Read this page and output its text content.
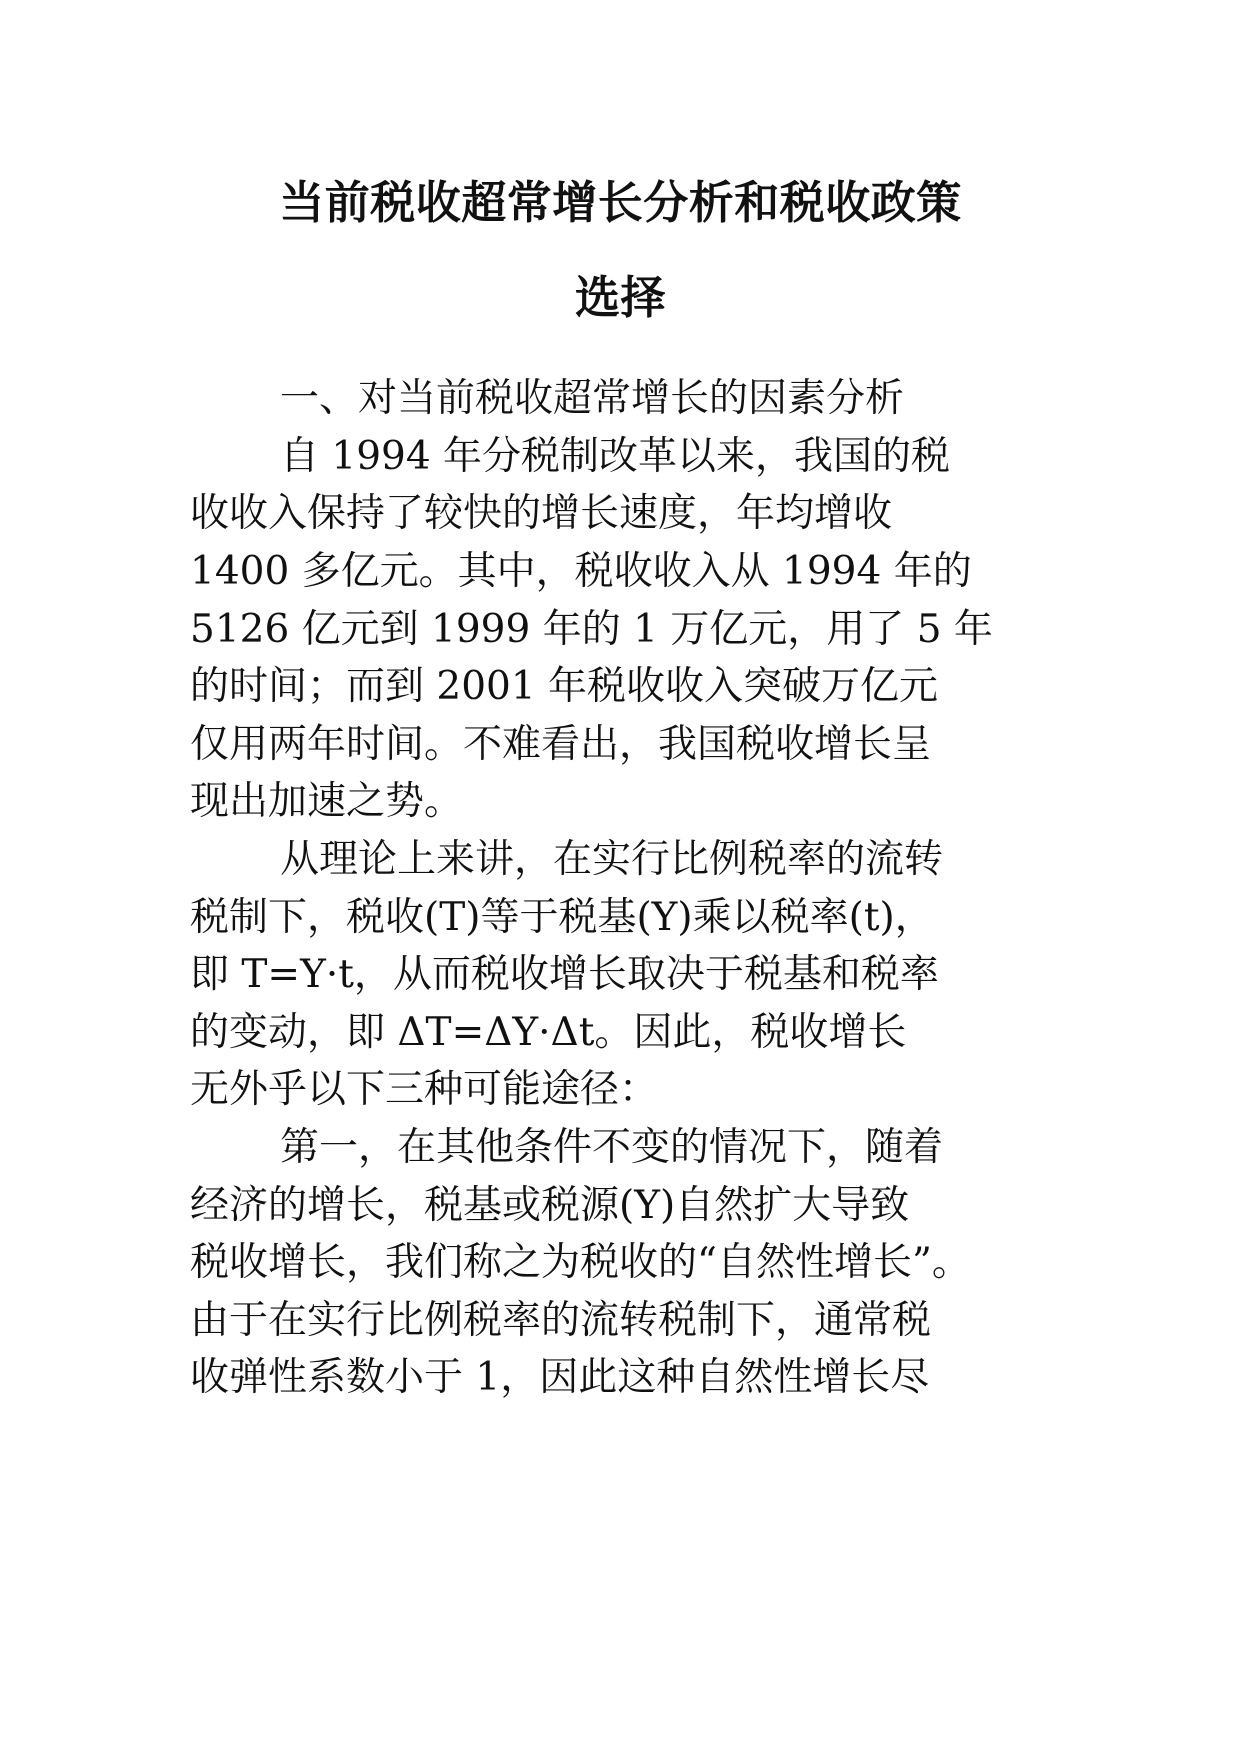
当前税收超常增长分析和税收政策
选择
一、对当前税收超常增长的因素分析
自 1994 年分税制改革以来，我国的税
收收入保持了较快的增长速度，年均增收
1400 多亿元。其中，税收收入从 1994 年的
5126 亿元到 1999 年的 1 万亿元，用了 5 年
的时间；而到 2001 年税收收入突破万亿元
仅用两年时间。不难看出，我国税收增长呈
现出加速之势。
从理论上来讲，在实行比例税率的流转
税制下，税收(T)等于税基(Y)乘以税率(t)，
即 T=Y·t，从而税收增长取决于税基和税率
的变动，即 ΔT=ΔY·Δt。因此，税收增长
无外乎以下三种可能途径：
第一，在其他条件不变的情况下，随着
经济的增长，税基或税源(Y)自然扩大导致
税收增长，我们称之为税收的“自然性增长”。
由于在实行比例税率的流转税制下，通常税
收弹性系数小于 1，因此这种自然性增长尽
